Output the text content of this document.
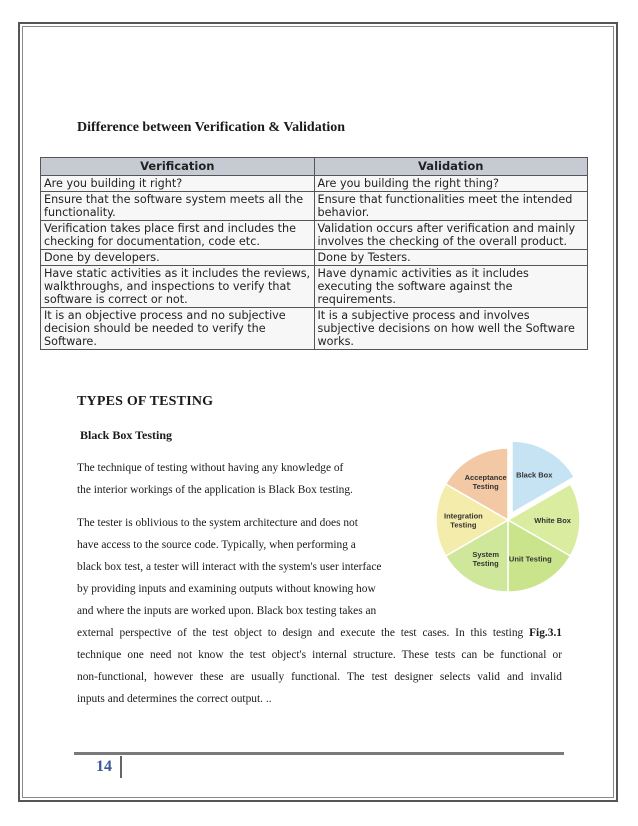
Difference between Verification & Validation
Verification	Validation
Are you building it right?	Are you building the right thing?
Ensure that the software system meets all the functionality.	Ensure that functionalities meet the intended behavior.
Verification takes place first and includes the checking for documentation, code etc.	Validation occurs after verification and mainly involves the checking of the overall product.
Done by developers.	Done by Testers.
Have static activities as it includes the reviews, walkthroughs, and inspections to verify that software is correct or not.	Have dynamic activities as it includes executing the software against the requirements.
It is an objective process and no subjective decision should be needed to verify the Software.	It is a subjective process and involves subjective decisions on how well the Software works.
TYPES OF TESTING
Black Box Testing
The technique of testing without having any knowledge of
the interior workings of the application is Black Box testing.
The tester is oblivious to the system architecture and does not
have access to the source code. Typically, when performing a
black box test, a tester will interact with the system's user interface
by providing inputs and examining outputs without knowing how
and where the inputs are worked upon. Black box testing takes an
external perspective of the test object to design and execute the test cases. In this testing Fig.3.1
technique one need not know the test object's internal structure. These tests can be functional or
non-functional, however these are usually functional. The test designer selects valid and invalid
inputs and determines the correct output. ..
Black Box
White Box
Unit Testing
System
Testing
Integration
Testing
Acceptance
Testing
14
